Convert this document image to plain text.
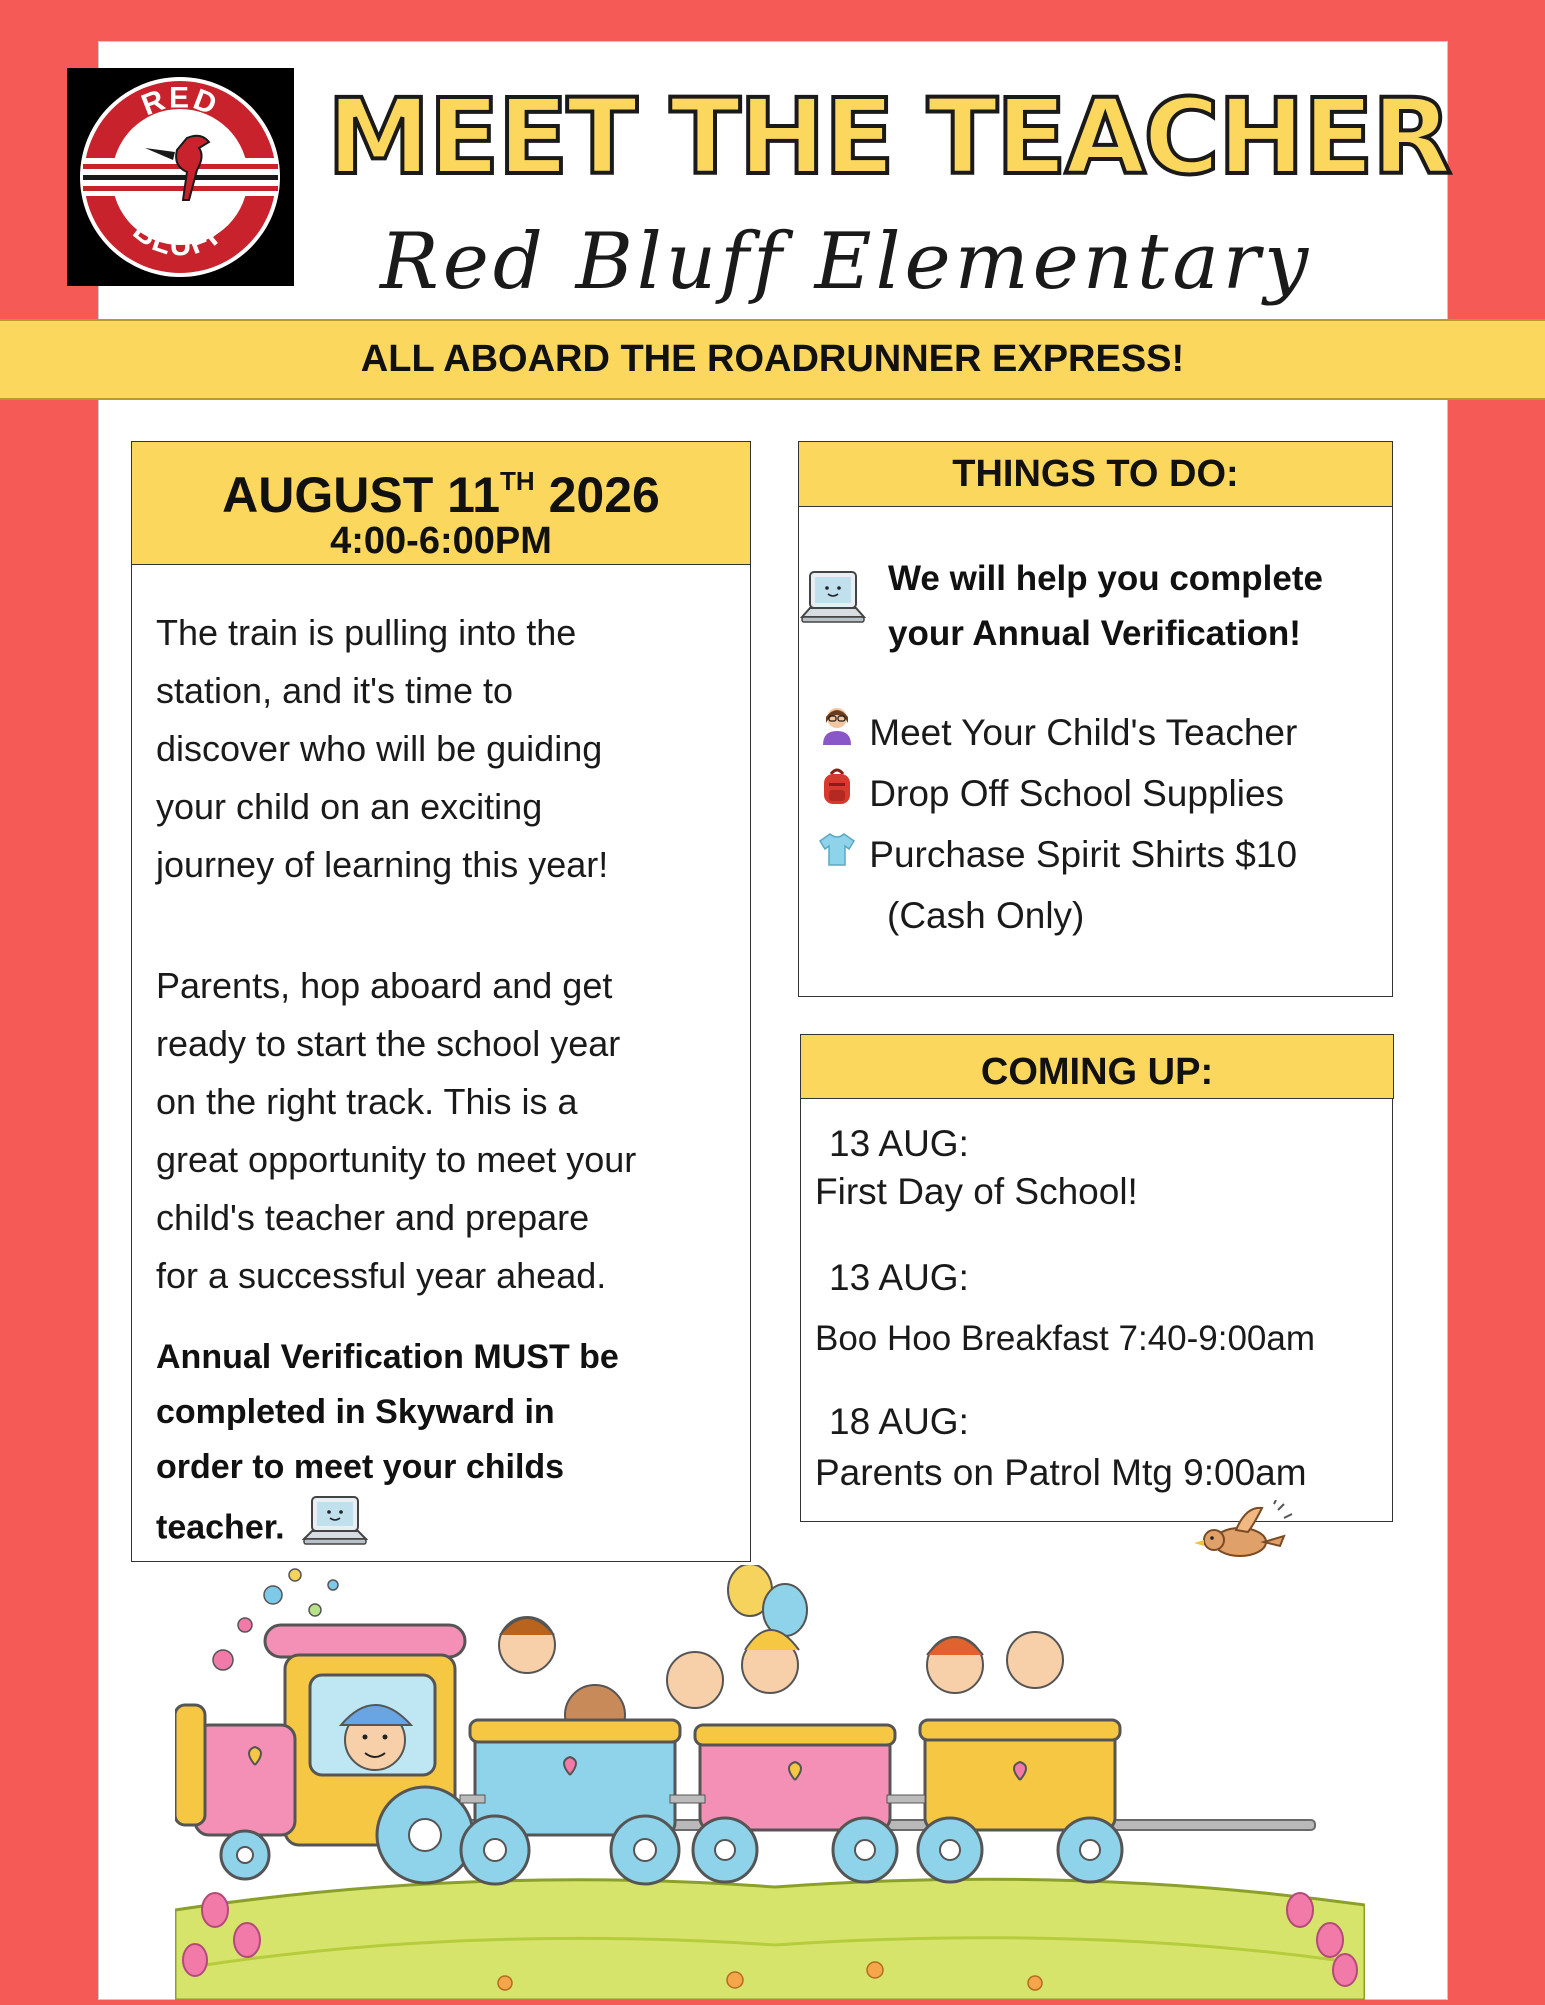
RED
BLUFF
MEET THE TEACHER
Red Bluff Elementary
ALL ABOARD THE ROADRUNNER EXPRESS!
AUGUST 11TH 2026
4:00-6:00PM
The train is pulling into the
station, and it's time to
discover who will be guiding
your child on an exciting
journey of learning this year!
Parents, hop aboard and get
ready to start the school year
on the right track. This is a
great opportunity to meet your
child's teacher and prepare
for a successful year ahead.
Annual Verification MUST be
completed in Skyward in
order to meet your childs
teacher.
THINGS TO DO:
We will help you complete
your Annual Verification!
Meet Your Child's Teacher
Drop Off School Supplies
Purchase Spirit Shirts $10
(Cash Only)
COMING UP:
13 AUG:
First Day of School!
13 AUG:
Boo Hoo Breakfast 7:40-9:00am
18 AUG:
Parents on Patrol Mtg 9:00am
